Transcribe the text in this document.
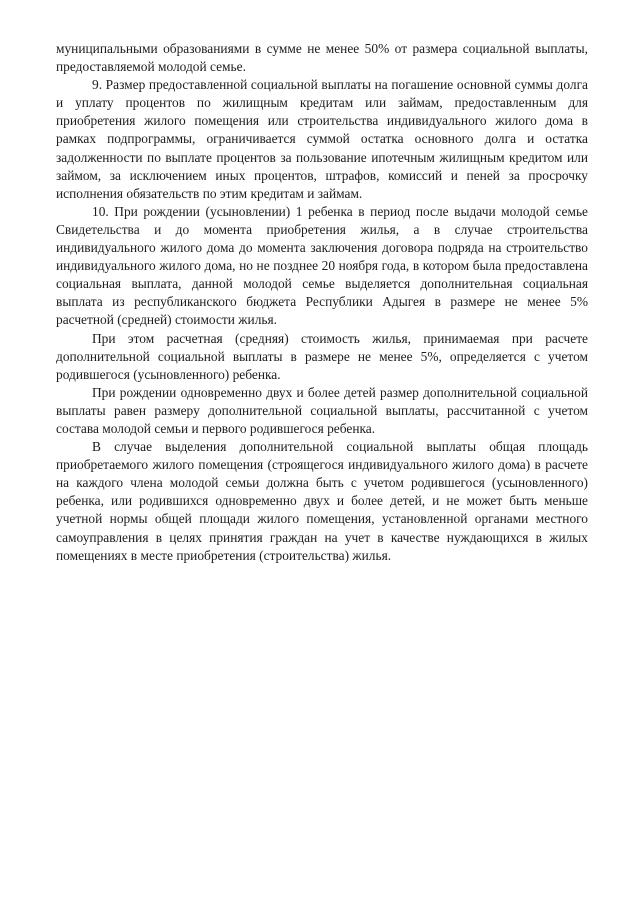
муниципальными образованиями в сумме не менее 50% от размера социальной выплаты, предоставляемой молодой семье.

9. Размер предоставленной социальной выплаты на погашение основной суммы долга и уплату процентов по жилищным кредитам или займам, предоставленным для приобретения жилого помещения или строительства индивидуального жилого дома в рамках подпрограммы, ограничивается суммой остатка основного долга и остатка задолженности по выплате процентов за пользование ипотечным жилищным кредитом или займом, за исключением иных процентов, штрафов, комиссий и пеней за просрочку исполнения обязательств по этим кредитам и займам.

10. При рождении (усыновлении) 1 ребенка в период после выдачи молодой семье Свидетельства и до момента приобретения жилья, а в случае строительства индивидуального жилого дома до момента заключения договора подряда на строительство индивидуального жилого дома, но не позднее 20 ноября года, в котором была предоставлена социальная выплата, данной молодой семье выделяется дополнительная социальная выплата из республиканского бюджета Республики Адыгея в размере не менее 5% расчетной (средней) стоимости жилья.

При этом расчетная (средняя) стоимость жилья, принимаемая при расчете дополнительной социальной выплаты в размере не менее 5%, определяется с учетом родившегося (усыновленного) ребенка.

При рождении одновременно двух и более детей размер дополнительной социальной выплаты равен размеру дополнительной социальной выплаты, рассчитанной с учетом состава молодой семьи и первого родившегося ребенка.

В случае выделения дополнительной социальной выплаты общая площадь приобретаемого жилого помещения (строящегося индивидуального жилого дома) в расчете на каждого члена молодой семьи должна быть с учетом родившегося (усыновленного) ребенка, или родившихся одновременно двух и более детей, и не может быть меньше учетной нормы общей площади жилого помещения, установленной органами местного самоуправления в целях принятия граждан на учет в качестве нуждающихся в жилых помещениях в месте приобретения (строительства) жилья.
